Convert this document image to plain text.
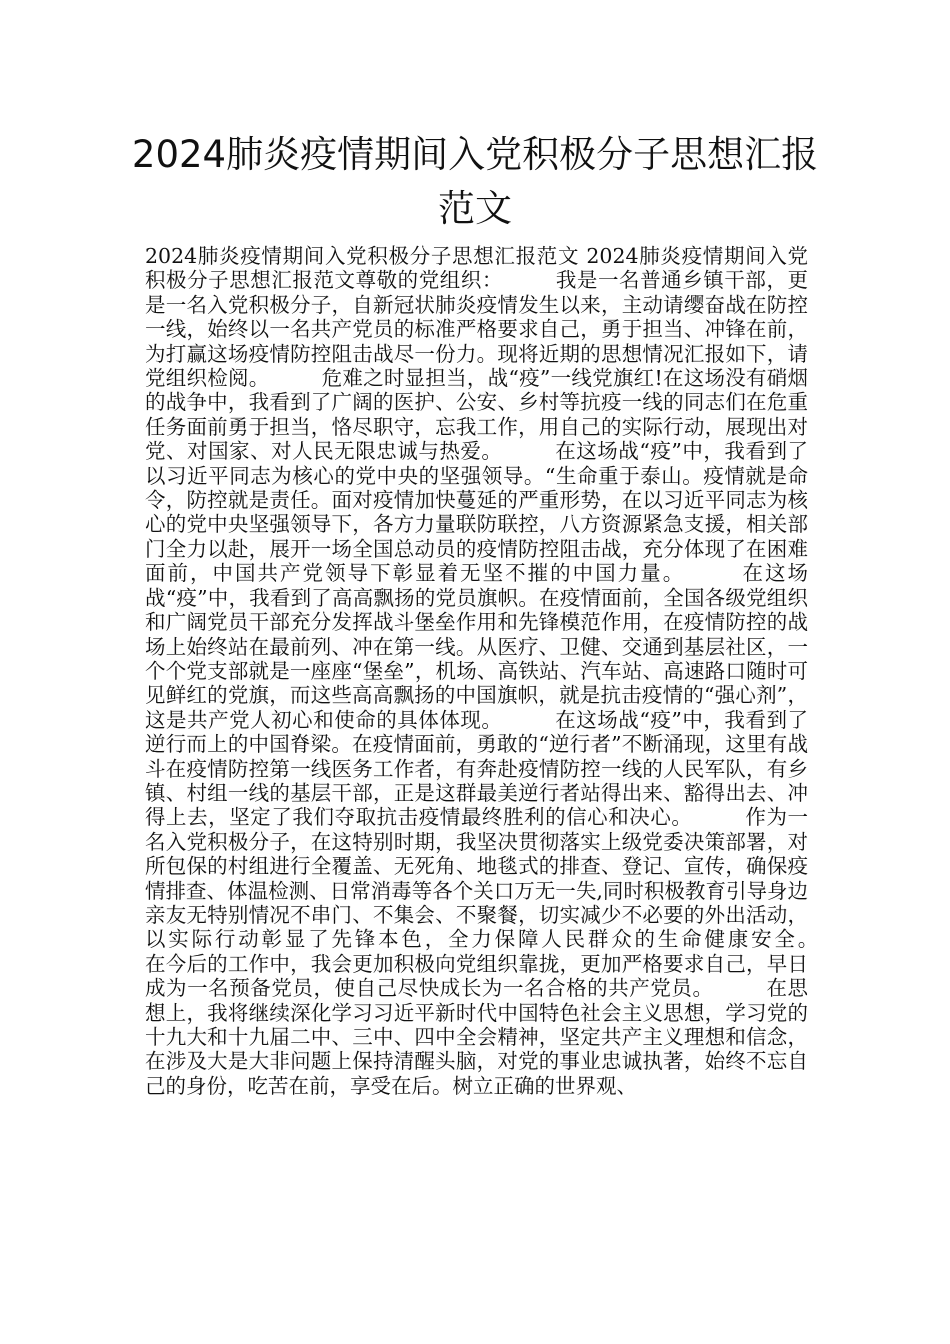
2024肺炎疫情期间入党积极分子思想汇报范文

2024肺炎疫情期间入党积极分子思想汇报范文 2024肺炎疫情期间入党积极分子思想汇报范文尊敬的党组织：　　　我是一名普通乡镇干部，更是一名入党积极分子，自新冠状肺炎疫情发生以来，主动请缨奋战在防控一线，始终以一名共产党员的标准严格要求自己，勇于担当、冲锋在前，为打赢这场疫情防控阻击战尽一份力。现将近期的思想情况汇报如下，请党组织检阅。　　　危难之时显担当，战“疫”一线党旗红!在这场没有硝烟的战争中，我看到了广阔的医护、公安、乡村等抗疫一线的同志们在危重任务面前勇于担当，恪尽职守，忘我工作，用自己的实际行动，展现出对党、对国家、对人民无限忠诚与热爱。　　　在这场战“疫”中，我看到了以习近平同志为核心的党中央的坚强领导。“生命重于泰山。疫情就是命令，防控就是责任。面对疫情加快蔓延的严重形势，在以习近平同志为核心的党中央坚强领导下，各方力量联防联控，八方资源紧急支援，相关部门全力以赴，展开一场全国总动员的疫情防控阻击战，充分体现了在困难面前，中国共产党领导下彰显着无坚不摧的中国力量。　　　在这场战“疫”中，我看到了高高飘扬的党员旗帜。在疫情面前，全国各级党组织和广阔党员干部充分发挥战斗堡垒作用和先锋模范作用，在疫情防控的战场上始终站在最前列、冲在第一线。从医疗、卫健、交通到基层社区，一个个党支部就是一座座“堡垒”，机场、高铁站、汽车站、高速路口随时可见鲜红的党旗，而这些高高飘扬的中国旗帜，就是抗击疫情的“强心剂”，这是共产党人初心和使命的具体体现。　　　在这场战“疫”中，我看到了逆行而上的中国脊梁。在疫情面前，勇敢的“逆行者”不断涌现，这里有战斗在疫情防控第一线医务工作者，有奔赴疫情防控一线的人民军队，有乡镇、村组一线的基层干部，正是这群最美逆行者站得出来、豁得出去、冲得上去，坚定了我们夺取抗击疫情最终胜利的信心和决心。　　　作为一名入党积极分子，在这特别时期，我坚决贯彻落实上级党委决策部署，对所包保的村组进行全覆盖、无死角、地毯式的排查、登记、宣传，确保疫情排查、体温检测、日常消毒等各个关口万无一失,同时积极教育引导身边亲友无特别情况不串门、不集会、不聚餐，切实减少不必要的外出活动，以实际行动彰显了先锋本色，全力保障人民群众的生命健康安全。　　　在今后的工作中，我会更加积极向党组织靠拢，更加严格要求自己，早日成为一名预备党员，使自己尽快成长为一名合格的共产党员。　　　在思想上，我将继续深化学习习近平新时代中国特色社会主义思想，学习党的十九大和十九届二中、三中、四中全会精神，坚定共产主义理想和信念，在涉及大是大非问题上保持清醒头脑，对党的事业忠诚执著，始终不忘自己的身份，吃苦在前，享受在后。树立正确的世界观、
